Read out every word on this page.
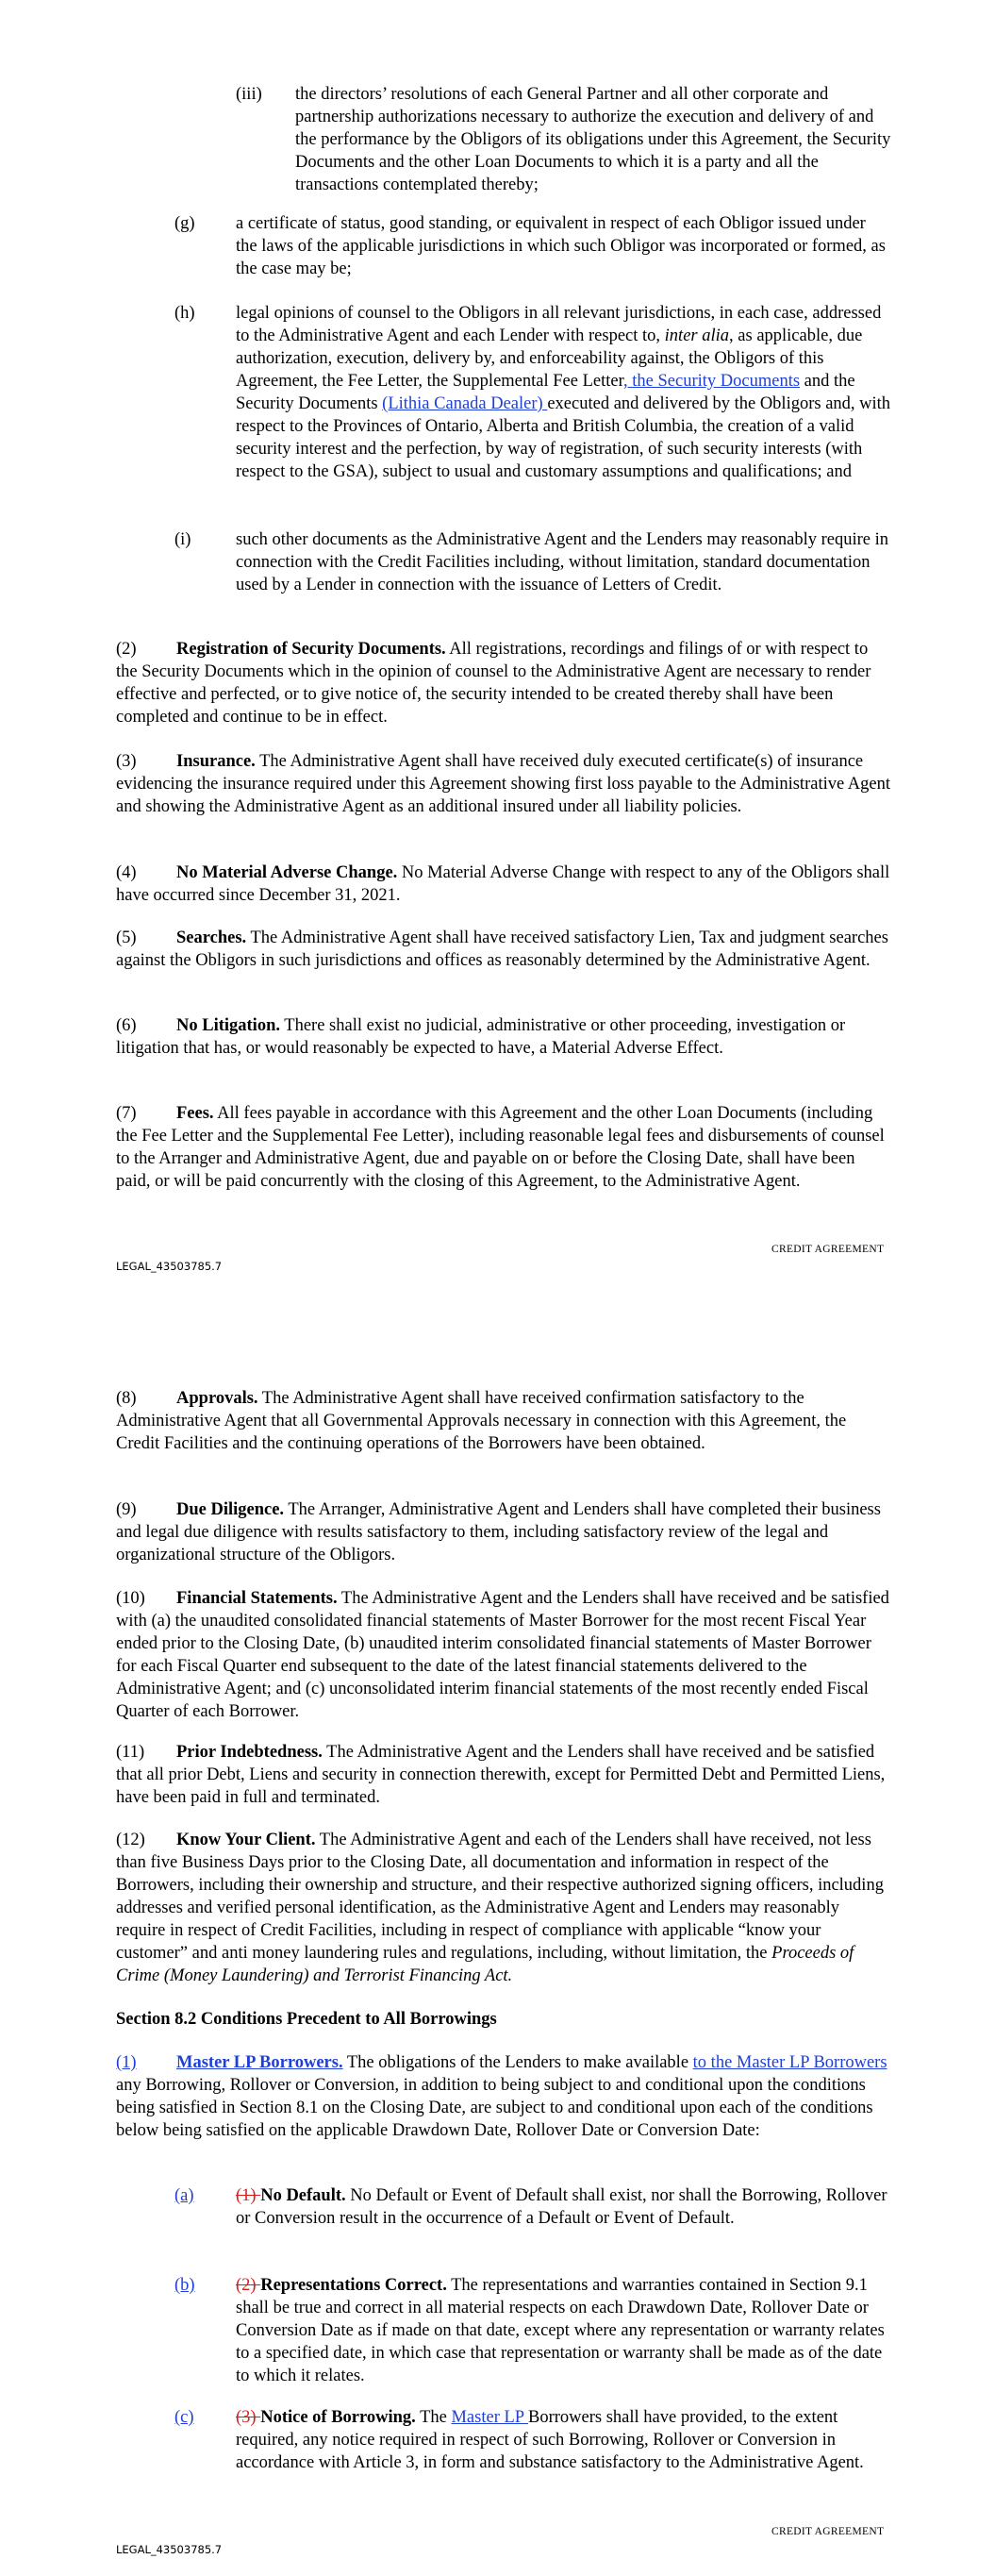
(iii) the directors’ resolutions of each General Partner and all other corporate and partnership authorizations necessary to authorize the execution and delivery of and the performance by the Obligors of its obligations under this Agreement, the Security Documents and the other Loan Documents to which it is a party and all the transactions contemplated thereby;

(g) a certificate of status, good standing, or equivalent in respect of each Obligor issued under the laws of the applicable jurisdictions in which such Obligor was incorporated or formed, as the case may be;

(h) legal opinions of counsel to the Obligors in all relevant jurisdictions, in each case, addressed to the Administrative Agent and each Lender with respect to, inter alia, as applicable, due authorization, execution, delivery by, and enforceability against, the Obligors of this Agreement, the Fee Letter, the Supplemental Fee Letter, the Security Documents and the Security Documents (Lithia Canada Dealer) executed and delivered by the Obligors and, with respect to the Provinces of Ontario, Alberta and British Columbia, the creation of a valid security interest and the perfection, by way of registration, of such security interests (with respect to the GSA), subject to usual and customary assumptions and qualifications; and

(i)	such other documents as the Administrative Agent and the Lenders may reasonably require in connection with the Credit Facilities including, without limitation, standard documentation used by a Lender in connection with the issuance of Letters of Credit.

(2) Registration of Security Documents. All registrations, recordings and filings of or with respect to the Security Documents which in the opinion of counsel to the Administrative Agent are necessary to render effective and perfected, or to give notice of, the security intended to be created thereby shall have been completed and continue to be in effect.

(3) Insurance. The Administrative Agent shall have received duly executed certificate(s) of insurance evidencing the insurance required under this Agreement showing first loss payable to the Administrative Agent and showing the Administrative Agent as an additional insured under all liability policies.

(4) No Material Adverse Change. No Material Adverse Change with respect to any of the Obligors shall have occurred since December 31, 2021.

(5) Searches. The Administrative Agent shall have received satisfactory Lien, Tax and judgment searches against the Obligors in such jurisdictions and offices as reasonably determined by the Administrative Agent.

(6) No Litigation. There shall exist no judicial, administrative or other proceeding, investigation or litigation that has, or would reasonably be expected to have, a Material Adverse Effect.

(7) Fees. All fees payable in accordance with this Agreement and the other Loan Documents (including the Fee Letter and the Supplemental Fee Letter), including reasonable legal fees and disbursements of counsel to the Arranger and Administrative Agent, due and payable on or before the Closing Date, shall have been paid, or will be paid concurrently with the closing of this Agreement, to the Administrative Agent.

CREDIT AGREEMENT
LEGAL_43503785.7

(8) Approvals. The Administrative Agent shall have received confirmation satisfactory to the Administrative Agent that all Governmental Approvals necessary in connection with this Agreement, the Credit Facilities and the continuing operations of the Borrowers have been obtained.

(9) Due Diligence. The Arranger, Administrative Agent and Lenders shall have completed their business and legal due diligence with results satisfactory to them, including satisfactory review of the legal and organizational structure of the Obligors.

(10) Financial Statements. The Administrative Agent and the Lenders shall have received and be satisfied with (a) the unaudited consolidated financial statements of Master Borrower for the most recent Fiscal Year ended prior to the Closing Date, (b) unaudited interim consolidated financial statements of Master Borrower for each Fiscal Quarter end subsequent to the date of the latest financial statements delivered to the Administrative Agent; and (c) unconsolidated interim financial statements of the most recently ended Fiscal Quarter of each Borrower.

(11) Prior Indebtedness. The Administrative Agent and the Lenders shall have received and be satisfied that all prior Debt, Liens and security in connection therewith, except for Permitted Debt and Permitted Liens, have been paid in full and terminated.

(12) Know Your Client. The Administrative Agent and each of the Lenders shall have received, not less than five Business Days prior to the Closing Date, all documentation and information in respect of the Borrowers, including their ownership and structure, and their respective authorized signing officers, including addresses and verified personal identification, as the Administrative Agent and Lenders may reasonably require in respect of Credit Facilities, including in respect of compliance with applicable “know your customer” and anti money laundering rules and regulations, including, without limitation, the Proceeds of Crime (Money Laundering) and Terrorist Financing Act.

Section 8.2 Conditions Precedent to All Borrowings

(1) Master LP Borrowers. The obligations of the Lenders to make available to the Master LP Borrowers any Borrowing, Rollover or Conversion, in addition to being subject to and conditional upon the conditions being satisfied in Section 8.1 on the Closing Date, are subject to and conditional upon each of the conditions below being satisfied on the applicable Drawdown Date, Rollover Date or Conversion Date:

(a) (1) No Default. No Default or Event of Default shall exist, nor shall the Borrowing, Rollover or Conversion result in the occurrence of a Default or Event of Default.

(b) (2) Representations Correct. The representations and warranties contained in Section 9.1 shall be true and correct in all material respects on each Drawdown Date, Rollover Date or Conversion Date as if made on that date, except where any representation or warranty relates to a specified date, in which case that representation or warranty shall be made as of the date to which it relates.

(c) (3) Notice of Borrowing. The Master LP Borrowers shall have provided, to the extent required, any notice required in respect of such Borrowing, Rollover or Conversion in accordance with Article 3, in form and substance satisfactory to the Administrative Agent.

CREDIT AGREEMENT
LEGAL_43503785.7
